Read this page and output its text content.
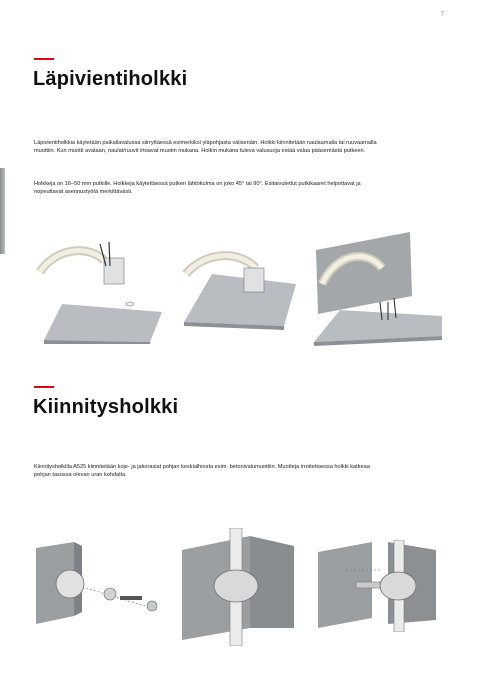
7
Läpivientiholkki

Läpivientiholkkia käytetään paikallavalussa siirryttäessä esimerkiksi yläpohjasta välisenäin. Holkki kiinnitetään naulaamalla tai ruuvaamalla muottiin. Kun muotti avataan, naulat/ruuvit irtoavat muotin mukana. Holkin mukana tuleva valusuoja estää valua pääsemästä putkeen.

Holkkeja on 16–50 mm putkille. Holkkeja käytettäessä putken lähtökulma on joko 45° tai 90°. Esitaivutettut putkikaaret helpottavat ja nopeuttavat asennustyötä merkittävästi.

Kiinnitysholkki

Kiinnitysholkilla A525 kiinnitetään koje- ja jakorasiat pohjan keskialhiosta esim. betonivalumuottiin. Muotteja irroitettaessa holkki katkeaa pohjan tasossa olevan uran kohdalta.
